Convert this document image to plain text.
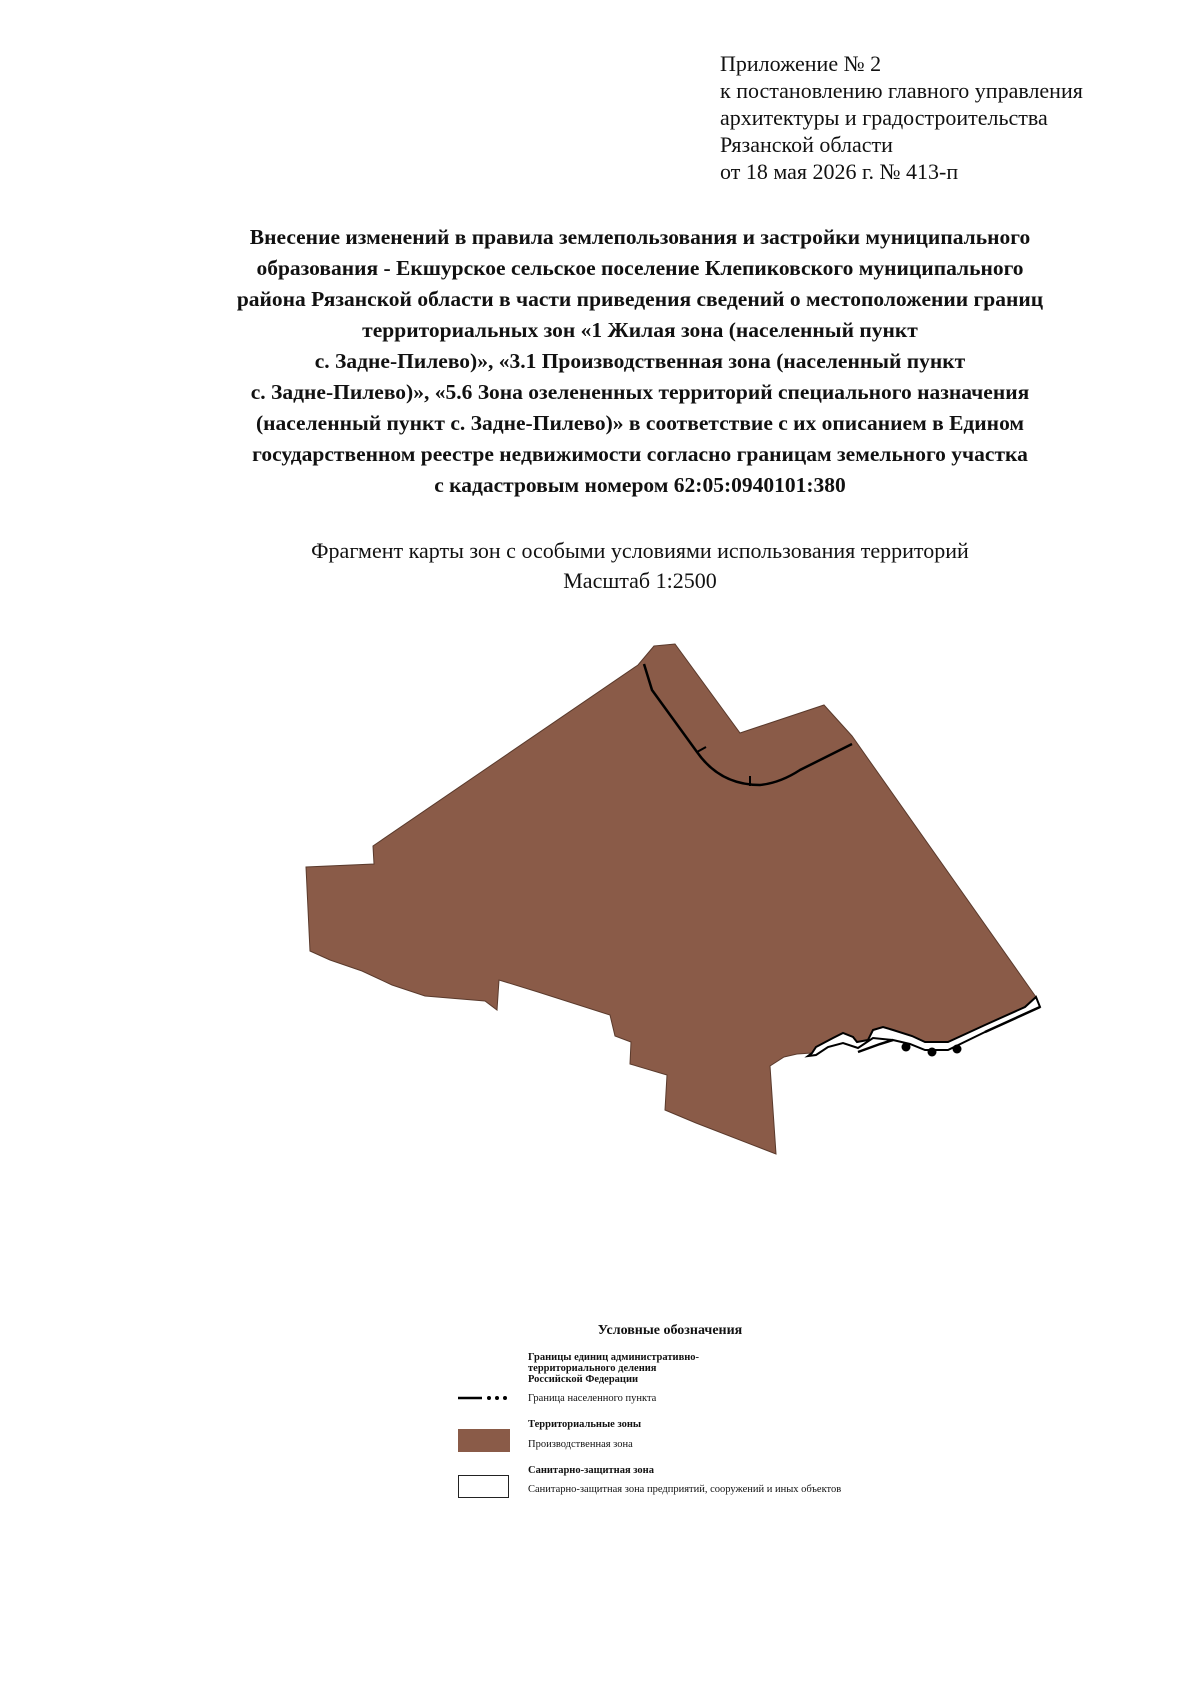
Приложение № 2
к постановлению главного управления
архитектуры и градостроительства
Рязанской области
от 18 мая 2026 г. № 413-п
Внесение изменений в правила землепользования и застройки муниципального
образования - Екшурское сельское поселение Клепиковского муниципального
района Рязанской области в части приведения сведений о местоположении границ
территориальных зон «1 Жилая зона (населенный пункт
с. Задне-Пилево)», «3.1 Производственная зона (населенный пункт
с. Задне-Пилево)», «5.6 Зона озелененных территорий специального назначения
(населенный пункт с. Задне-Пилево)» в соответствие с их описанием в Едином
государственном реестре недвижимости согласно границам земельного участка
с кадастровым номером 62:05:0940101:380
Фрагмент карты зон с особыми условиями использования территорий
Масштаб 1:2500
Условные обозначения
Границы единиц административно-
территориального деления
Российской Федерации
Граница населенного пункта
Территориальные зоны
Производственная зона
Санитарно-защитная зона
Санитарно-защитная зона предприятий, сооружений и иных объектов
